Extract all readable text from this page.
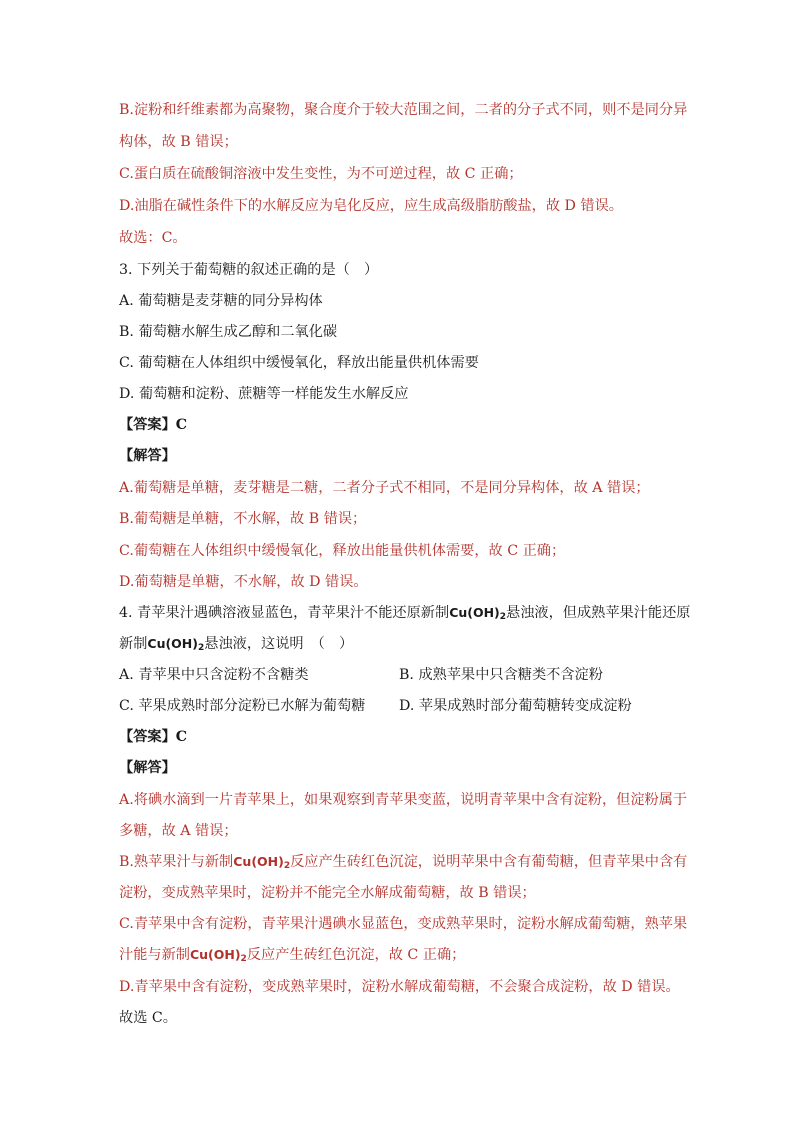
B.淀粉和纤维素都为高聚物，聚合度介于较大范围之间，二者的分子式不同，则不是同分异
构体，故 B 错误；
C.蛋白质在硫酸铜溶液中发生变性，为不可逆过程，故 C 正确；
D.油脂在碱性条件下的水解反应为皂化反应，应生成高级脂肪酸盐，故 D 错误。
故选：C。
3. 下列关于葡萄糖的叙述正确的是（　）
A. 葡萄糖是麦芽糖的同分异构体
B. 葡萄糖水解生成乙醇和二氧化碳
C. 葡萄糖在人体组织中缓慢氧化，释放出能量供机体需要
D. 葡萄糖和淀粉、蔗糖等一样能发生水解反应
【答案】C
【解答】
A.葡萄糖是单糖，麦芽糖是二糖，二者分子式不相同，不是同分异构体，故 A 错误；
B.葡萄糖是单糖，不水解，故 B 错误；
C.葡萄糖在人体组织中缓慢氧化，释放出能量供机体需要，故 C 正确；
D.葡萄糖是单糖，不水解，故 D 错误。
4. 青苹果汁遇碘溶液显蓝色，青苹果汁不能还原新制$Cu(OH)_2$悬浊液，但成熟苹果汁能还原
新制$Cu(OH)_2$悬浊液，这说明　（　）
A. 青苹果中只含淀粉不含糖类	B. 成熟苹果中只含糖类不含淀粉
C. 苹果成熟时部分淀粉已水解为葡萄糖 D. 苹果成熟时部分葡萄糖转变成淀粉
【答案】C
【解答】
A.将碘水滴到一片青苹果上，如果观察到青苹果变蓝，说明青苹果中含有淀粉，但淀粉属于
多糖，故 A 错误；
B.熟苹果汁与新制$Cu(OH)_2$反应产生砖红色沉淀，说明苹果中含有葡萄糖，但青苹果中含有
淀粉，变成熟苹果时，淀粉并不能完全水解成葡萄糖，故 B 错误；
C.青苹果中含有淀粉，青苹果汁遇碘水显蓝色，变成熟苹果时，淀粉水解成葡萄糖，熟苹果
汁能与新制$Cu(OH)_2$反应产生砖红色沉淀，故 C 正确；
D.青苹果中含有淀粉，变成熟苹果时，淀粉水解成葡萄糖，不会聚合成淀粉，故 D 错误。
故选 C。
